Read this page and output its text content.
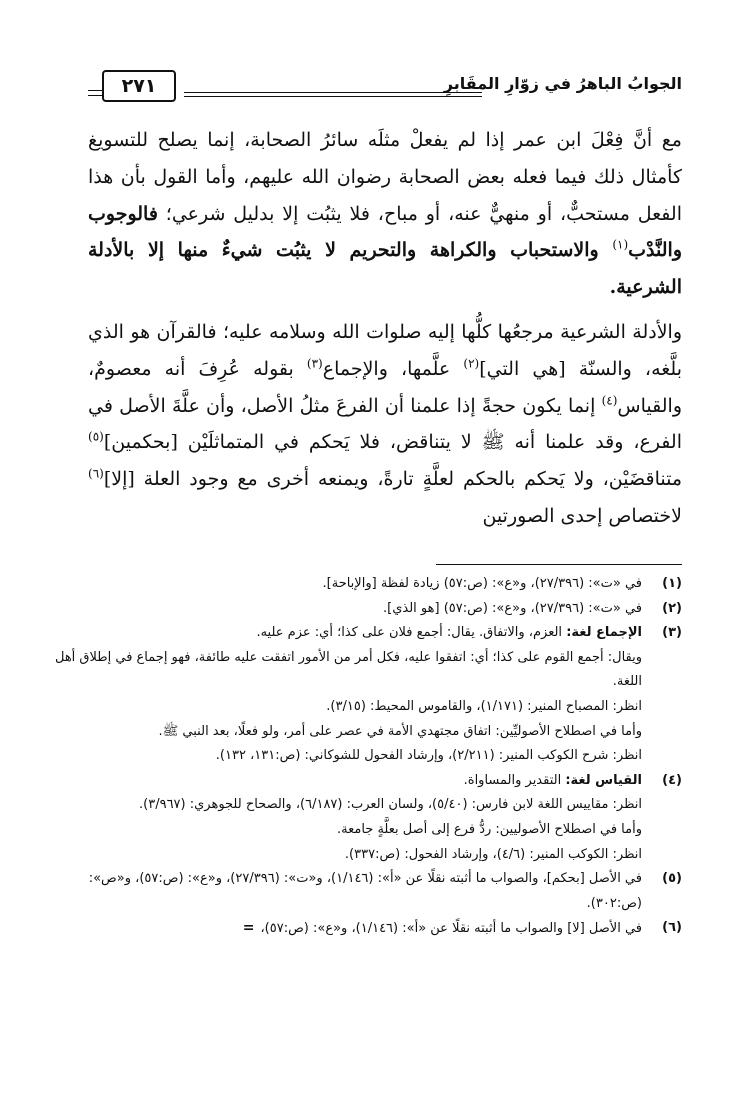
الجوابُ الباهرُ في زوّارِ المقَابرِ
٢٧١

مع أنَّ فِعْلَ ابن عمر إذا لم يفعلْ مثلَه سائرُ الصحابة، إنما يصلح للتسويغ كأمثال ذلك فيما فعله بعض الصحابة رضوان الله عليهم، وأما القول بأن هذا الفعل مستحبٌّ، أو منهيٌّ عنه، أو مباح، فلا يثبُت إلا بدليل شرعي؛ فالوجوب والنَّدْب$^{(١)}$ والاستحباب والكراهة والتحريم لا يثبُت شيءٌ منها إلا بالأدلة الشرعية.

والأدلة الشرعية مرجعُها كلُّها إليه صلوات الله وسلامه عليه؛ فالقرآن هو الذي بلَّغه، والسنّة [هي التي]$^{(٢)}$ علَّمها، والإجماع$^{(٣)}$ بقوله عُرِفَ أنه معصومٌ، والقياس$^{(٤)}$ إنما يكون حجةً إذا علمنا أن الفرعَ مثلُ الأصل، وأن علَّةَ الأصل في الفرع، وقد علمنا أنه ﷺ لا يتناقض، فلا يَحكم في المتماثلَيْن [بحكمين]$^{(٥)}$ متناقضَيْن، ولا يَحكم بالحكم لعلَّةٍ تارةً، ويمنعه أخرى مع وجود العلة [إلا]$^{(٦)}$ لاختصاص إحدى الصورتين

(١)
في «ت»: (٢٧/٣٩٦)، و«ع»: (ص:٥٧) زيادة لفظة [والإباحة].
(٢)
في «ت»: (٢٧/٣٩٦)، و«ع»: (ص:٥٧) [هو الذي].
(٣)
الإجماع لغة: العزم، والاتفاق. يقال: أجمع فلان على كذا؛ أي: عزم عليه.
ويقال: أجمع القوم على كذا؛ أي: اتفقوا عليه، فكل أمر من الأمور اتفقت عليه طائفة، فهو إجماع في إطلاق أهل اللغة.
انظر: المصباح المنير: (١/١٧١)، والقاموس المحيط: (٣/١٥).
وأما في اصطلاح الأصوليِّين: اتفاق مجتهدي الأمة في عصر على أمر، ولو فعلًا، بعد النبي ﷺ.
انظر: شرح الكوكب المنير: (٢/٢١١)، وإرشاد الفحول للشوكاني: (ص:١٣١، ١٣٢).
(٤)
القياس لغة: التقدير والمساواة.
انظر: مقاييس اللغة لابن فارس: (٥/٤٠)، ولسان العرب: (٦/١٨٧)، والصحاح للجوهري: (٣/٩٦٧).
وأما في اصطلاح الأصوليين: ردُّ فرع إلى أصل بعلَّةٍ جامعة.
انظر: الكوكب المنير: (٤/٦)، وإرشاد الفحول: (ص:٣٣٧).
(٥)
في الأصل [بحكم]، والصواب ما أثبته نقلًا عن «أ»: (١/١٤٦)، و«ت»: (٢٧/٣٩٦)، و«ع»: (ص:٥٧)، و«ص»: (ص:٣٠٢).
(٦)
في الأصل [لا] والصواب ما أثبته نقلًا عن «أ»: (١/١٤٦)، و«ع»: (ص:٥٧)،=
